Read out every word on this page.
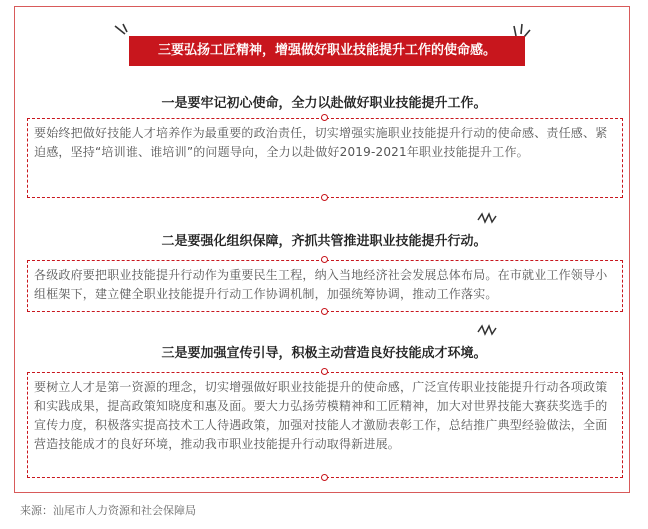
三要弘扬工匠精神，增强做好职业技能提升工作的使命感。
一是要牢记初心使命，全力以赴做好职业技能提升工作。
要始终把做好技能人才培养作为最重要的政治责任，切实增强实施职业技能提升行动的使命感、责任感、紧迫感，坚持“培训谁、谁培训”的问题导向，全力以赴做好2019-2021年职业技能提升工作。
二是要强化组织保障，齐抓共管推进职业技能提升行动。
各级政府要把职业技能提升行动作为重要民生工程，纳入当地经济社会发展总体布局。在市就业工作领导小组框架下，建立健全职业技能提升行动工作协调机制，加强统筹协调，推动工作落实。
三是要加强宣传引导，积极主动营造良好技能成才环境。
要树立人才是第一资源的理念，切实增强做好职业技能提升的使命感，广泛宣传职业技能提升行动各项政策和实践成果，提高政策知晓度和惠及面。要大力弘扬劳模精神和工匠精神，加大对世界技能大赛获奖选手的宣传力度，积极落实提高技术工人待遇政策，加强对技能人才激励表彰工作，总结推广典型经验做法，全面营造技能成才的良好环境，推动我市职业技能提升行动取得新进展。
来源：汕尾市人力资源和社会保障局
